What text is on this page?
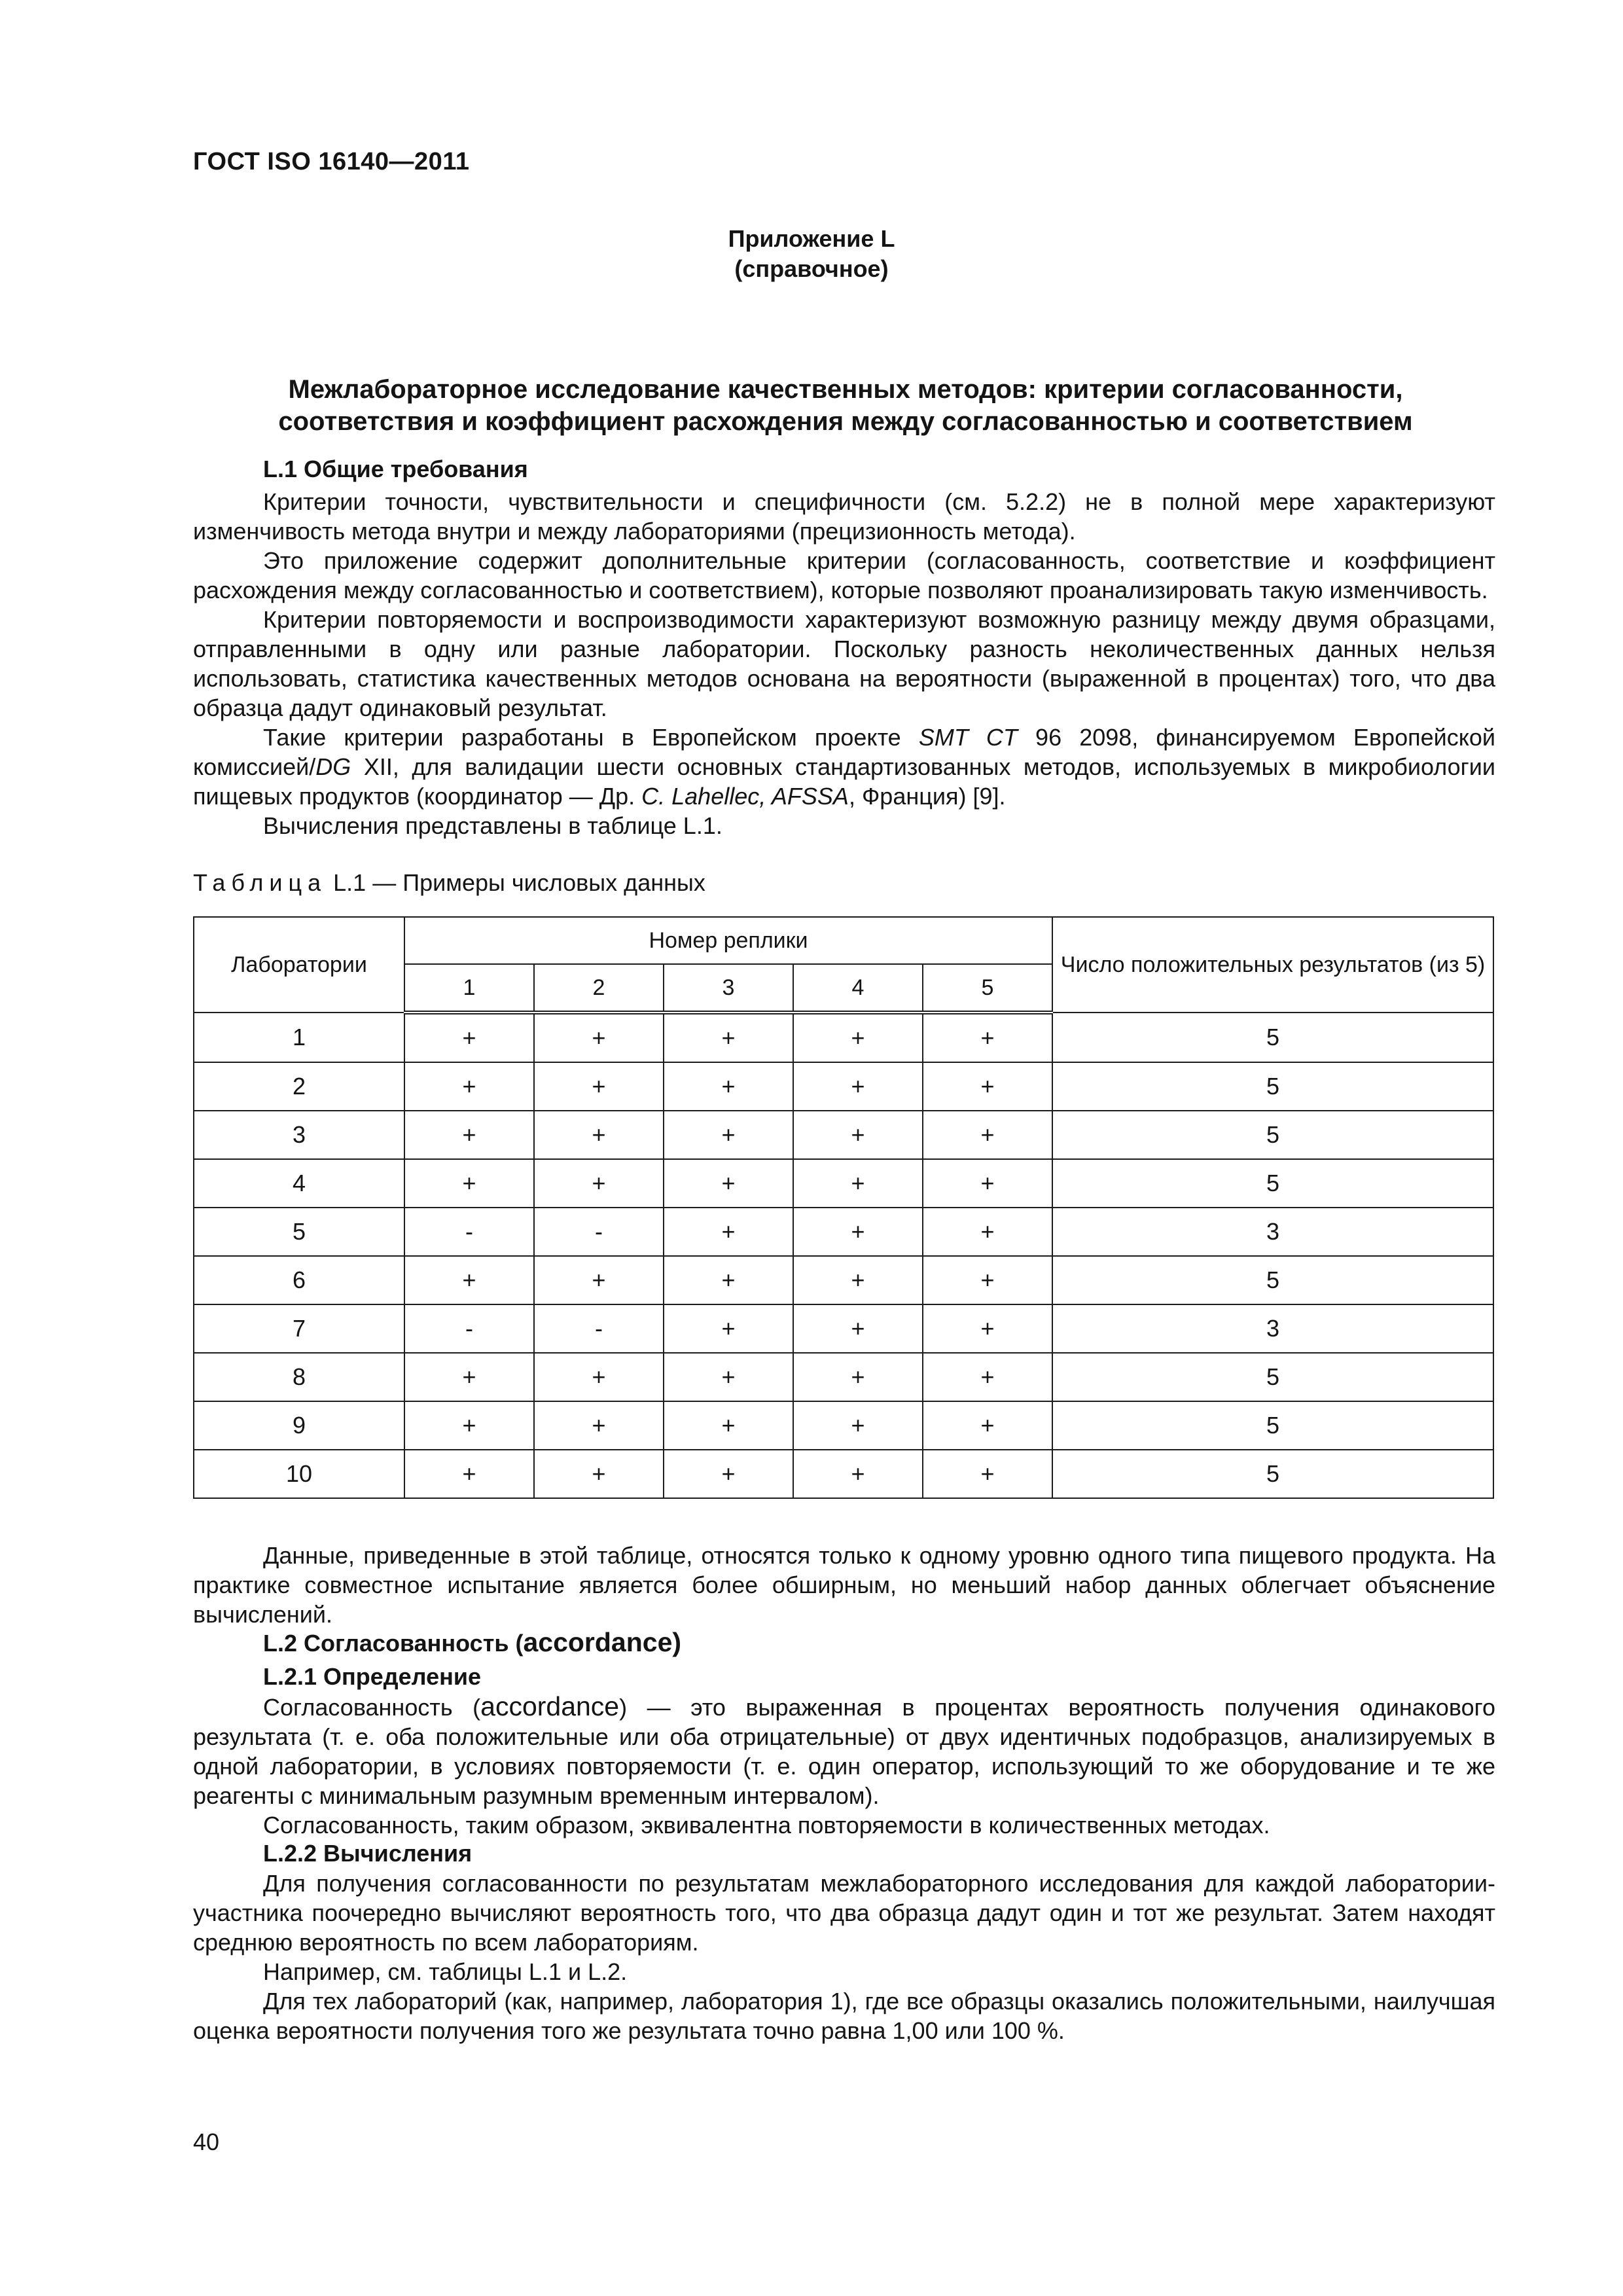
ГОСТ ISO 16140—2011
Приложение L
(справочное)
Межлабораторное исследование качественных методов: критерии согласованности,
соответствия и коэффициент расхождения между согласованностью и соответствием
L.1 Общие требования

Критерии точности, чувствительности и специфичности (см. 5.2.2) не в полной мере характеризуют изменчивость метода внутри и между лабораториями (прецизионность метода).

Это приложение содержит дополнительные критерии (согласованность, соответствие и коэффициент расхождения между согласованностью и соответствием), которые позволяют проанализировать такую изменчивость.

Критерии повторяемости и воспроизводимости характеризуют возможную разницу между двумя образцами, отправленными в одну или разные лаборатории. Поскольку разность неколичественных данных нельзя использовать, статистика качественных методов основана на вероятности (выраженной в процентах) того, что два образца дадут одинаковый результат.

Такие критерии разработаны в Европейском проекте SMT CT 96 2098, финансируемом Европейской комиссией/DG XII, для валидации шести основных стандартизованных методов, используемых в микробиологии пищевых продуктов (координатор — Др. C. Lahellec, AFSSA, Франция) [9].

Вычисления представлены в таблице L.1.

Таблица L.1 — Примеры числовых данных
Лаборатории	Номер реплики					Число положительных результатов (из 5)
	1	2	3	4	5	
1	+	+	+	+	+	5
2	+	+	+	+	+	5
3	+	+	+	+	+	5
4	+	+	+	+	+	5
5	-	-	+	+	+	3
6	+	+	+	+	+	5
7	-	-	+	+	+	3
8	+	+	+	+	+	5
9	+	+	+	+	+	5
10	+	+	+	+	+	5

Данные, приведенные в этой таблице, относятся только к одному уровню одного типа пищевого продукта. На практике совместное испытание является более обширным, но меньший набор данных облегчает объяснение вычислений.

L.2 Согласованность (accordance)
L.2.1 Определение

Согласованность (accordance) — это выраженная в процентах вероятность получения одинакового результата (т. е. оба положительные или оба отрицательные) от двух идентичных подобразцов, анализируемых в одной лаборатории, в условиях повторяемости (т. е. один оператор, использующий то же оборудование и те же реагенты с минимальным разумным временным интервалом).

Согласованность, таким образом, эквивалентна повторяемости в количественных методах.

L.2.2 Вычисления

Для получения согласованности по результатам межлабораторного исследования для каждой лаборатории-участника поочередно вычисляют вероятность того, что два образца дадут один и тот же результат. Затем находят среднюю вероятность по всем лабораториям.

Например, см. таблицы L.1 и L.2.

Для тех лабораторий (как, например, лаборатория 1), где все образцы оказались положительными, наилучшая оценка вероятности получения того же результата точно равна 1,00 или 100 %.

40
